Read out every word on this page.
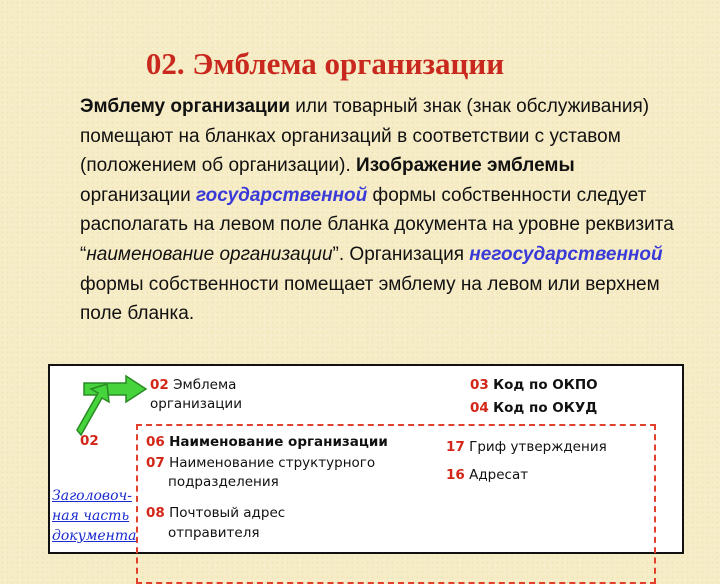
02. Эмблема организации
Эмблему организации или товарный знак (знак обслуживания) помещают на бланках организаций в соответствии с уставом (положением об организации). Изображение эмблемы организации государственной формы собственности следует располагать на левом поле бланка документа на уровне реквизита “наименование организации”. Организация негосударственной формы собственности помещает эмблему на левом или верхнем поле бланка.
02 Эмблема
организации
02
03 Код по ОКПО
04 Код по ОКУД
06 Наименование организации
07 Наименование структурного
подразделения
08 Почтовый адрес
отправителя
17 Гриф утверждения
16 Адресат
Заголовоч-
ная часть
документа
